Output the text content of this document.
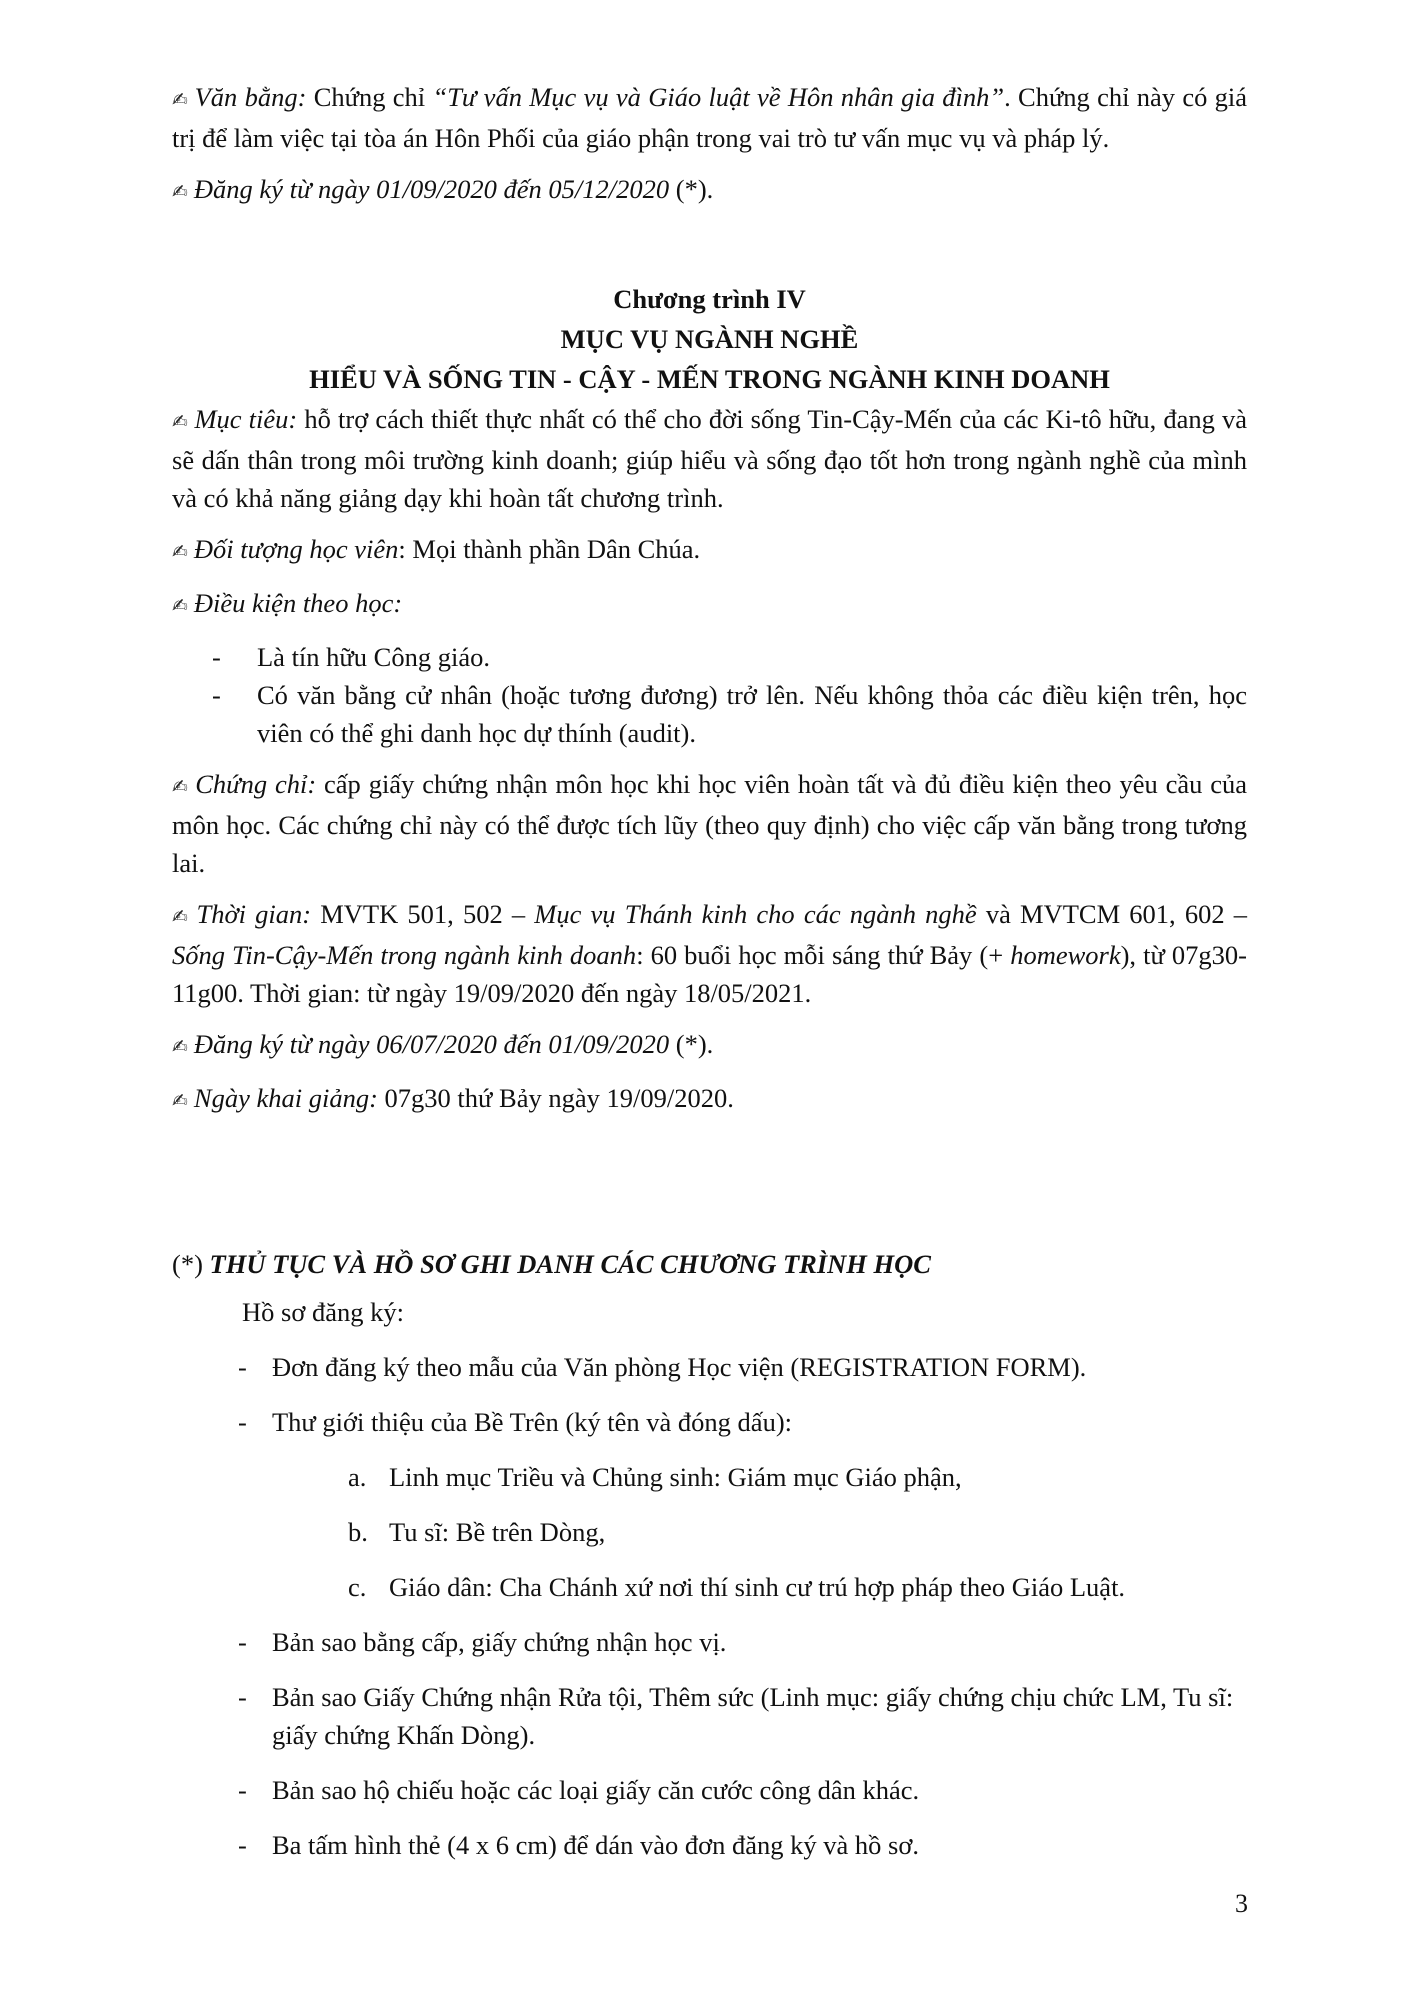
✍ Văn bằng: Chứng chỉ “Tư vấn Mục vụ và Giáo luật về Hôn nhân gia đình”. Chứng chỉ này có giá trị để làm việc tại tòa án Hôn Phối của giáo phận trong vai trò tư vấn mục vụ và pháp lý.

✍ Đăng ký từ ngày 01/09/2020 đến 05/12/2020 (*).

Chương trình IV

MỤC VỤ NGÀNH NGHỀ

HIỂU VÀ SỐNG TIN - CẬY - MẾN TRONG NGÀNH KINH DOANH

✍ Mục tiêu: hỗ trợ cách thiết thực nhất có thể cho đời sống Tin-Cậy-Mến của các Ki-tô hữu, đang và sẽ dấn thân trong môi trường kinh doanh; giúp hiểu và sống đạo tốt hơn trong ngành nghề của mình và có khả năng giảng dạy khi hoàn tất chương trình.

✍ Đối tượng học viên: Mọi thành phần Dân Chúa.

✍ Điều kiện theo học:

- Là tín hữu Công giáo.
- Có văn bằng cử nhân (hoặc tương đương) trở lên. Nếu không thỏa các điều kiện trên, học viên có thể ghi danh học dự thính (audit).

✍ Chứng chỉ: cấp giấy chứng nhận môn học khi học viên hoàn tất và đủ điều kiện theo yêu cầu của môn học. Các chứng chỉ này có thể được tích lũy (theo quy định) cho việc cấp văn bằng trong tương lai.

✍ Thời gian: MVTK 501, 502 – Mục vụ Thánh kinh cho các ngành nghề và MVTCM 601, 602 – Sống Tin-Cậy-Mến trong ngành kinh doanh: 60 buổi học mỗi sáng thứ Bảy (+ homework), từ 07g30-11g00. Thời gian: từ ngày 19/09/2020 đến ngày 18/05/2021.

✍ Đăng ký từ ngày 06/07/2020 đến 01/09/2020 (*).

✍ Ngày khai giảng: 07g30 thứ Bảy ngày 19/09/2020.

(*) THỦ TỤC VÀ HỒ SƠ GHI DANH CÁC CHƯƠNG TRÌNH HỌC

Hồ sơ đăng ký:

- Đơn đăng ký theo mẫu của Văn phòng Học viện (REGISTRATION FORM).
- Thư giới thiệu của Bề Trên (ký tên và đóng dấu):
a. Linh mục Triều và Chủng sinh: Giám mục Giáo phận,
b. Tu sĩ: Bề trên Dòng,
c. Giáo dân: Cha Chánh xứ nơi thí sinh cư trú hợp pháp theo Giáo Luật.
- Bản sao bằng cấp, giấy chứng nhận học vị.
- Bản sao Giấy Chứng nhận Rửa tội, Thêm sức (Linh mục: giấy chứng chịu chức LM, Tu sĩ: giấy chứng Khấn Dòng).
- Bản sao hộ chiếu hoặc các loại giấy căn cước công dân khác.
- Ba tấm hình thẻ (4 x 6 cm) để dán vào đơn đăng ký và hồ sơ.
3
